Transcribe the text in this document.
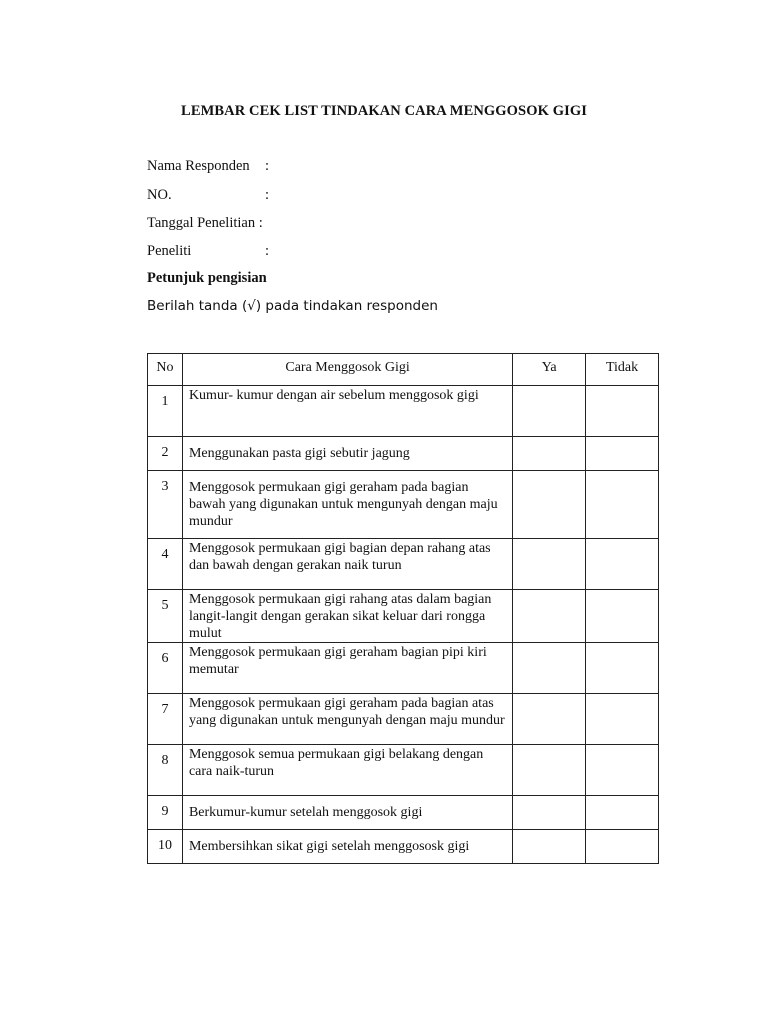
LEMBAR CEK LIST TINDAKAN CARA MENGGOSOK GIGI
Nama Responden :
NO.	:
Tanggal Penelitian :
Peneliti	:
Petunjuk pengisian
Berilah tanda (√) pada tindakan responden
No	Cara Menggosok Gigi	Ya	Tidak
1	Kumur- kumur dengan air sebelum menggosok gigi		
2	Menggunakan pasta gigi sebutir jagung		
3	Menggosok permukaan gigi geraham pada bagian bawah yang digunakan untuk mengunyah dengan maju mundur		
4	Menggosok permukaan gigi bagian depan rahang atas dan bawah dengan gerakan naik turun		
5	Menggosok permukaan gigi rahang atas dalam bagian langit-langit dengan gerakan sikat keluar dari rongga mulut		
6	Menggosok permukaan gigi geraham bagian pipi kiri memutar		
7	Menggosok permukaan gigi geraham pada bagian atas yang digunakan untuk mengunyah dengan maju mundur		
8	Menggosok semua permukaan gigi belakang dengan cara naik-turun		
9	Berkumur-kumur setelah menggosok gigi		
10	Membersihkan sikat gigi setelah menggososk gigi		
